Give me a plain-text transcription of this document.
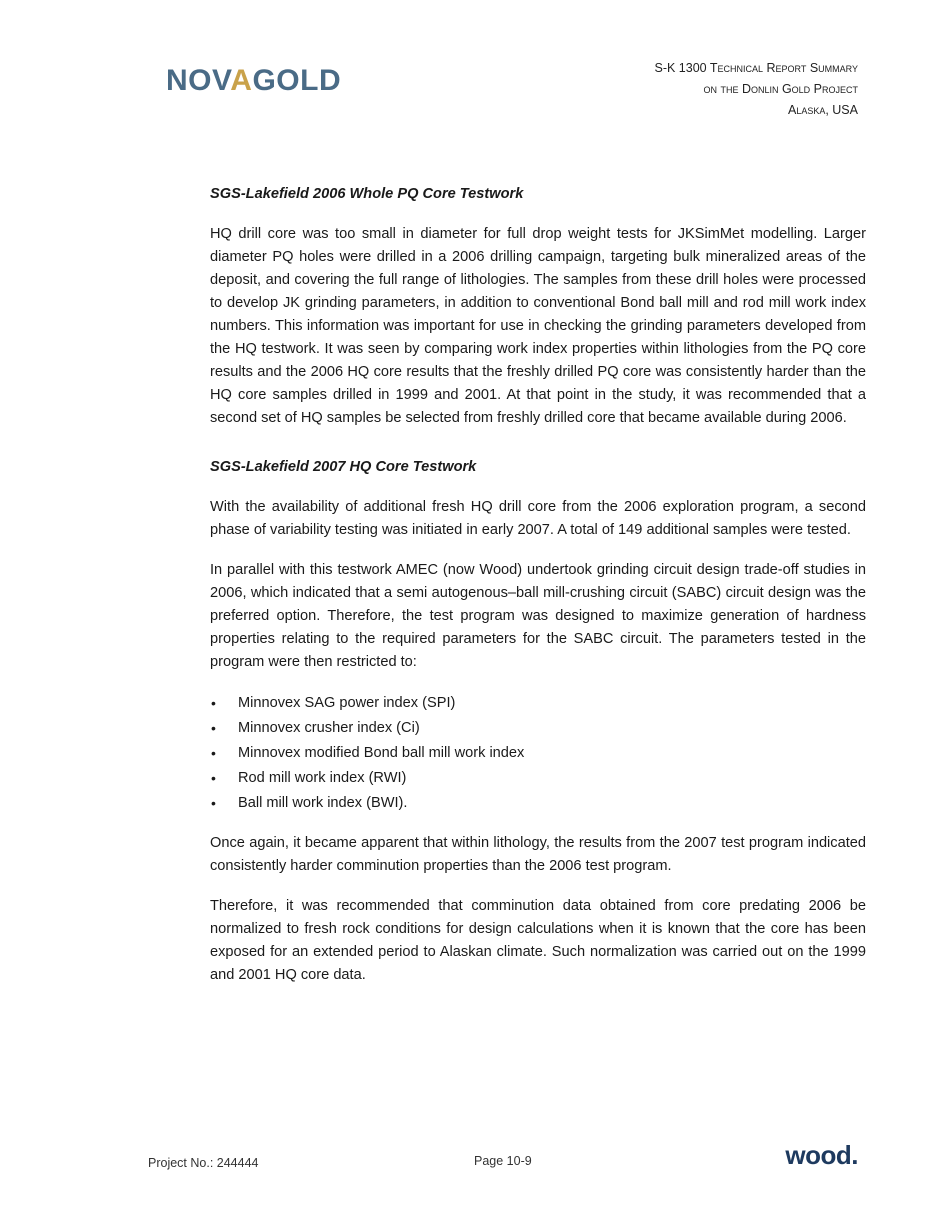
NOVAGOLD	S-K 1300 Technical Report Summary
on the Donlin Gold Project
Alaska, USA
SGS-Lakefield 2006 Whole PQ Core Testwork
HQ drill core was too small in diameter for full drop weight tests for JKSimMet modelling. Larger diameter PQ holes were drilled in a 2006 drilling campaign, targeting bulk mineralized areas of the deposit, and covering the full range of lithologies. The samples from these drill holes were processed to develop JK grinding parameters, in addition to conventional Bond ball mill and rod mill work index numbers. This information was important for use in checking the grinding parameters developed from the HQ testwork. It was seen by comparing work index properties within lithologies from the PQ core results and the 2006 HQ core results that the freshly drilled PQ core was consistently harder than the HQ core samples drilled in 1999 and 2001. At that point in the study, it was recommended that a second set of HQ samples be selected from freshly drilled core that became available during 2006.
SGS-Lakefield 2007 HQ Core Testwork
With the availability of additional fresh HQ drill core from the 2006 exploration program, a second phase of variability testing was initiated in early 2007. A total of 149 additional samples were tested.
In parallel with this testwork AMEC (now Wood) undertook grinding circuit design trade-off studies in 2006, which indicated that a semi autogenous–ball mill-crushing circuit (SABC) circuit design was the preferred option. Therefore, the test program was designed to maximize generation of hardness properties relating to the required parameters for the SABC circuit. The parameters tested in the program were then restricted to:
• Minnovex SAG power index (SPI)
• Minnovex crusher index (Ci)
• Minnovex modified Bond ball mill work index
• Rod mill work index (RWI)
• Ball mill work index (BWI).
Once again, it became apparent that within lithology, the results from the 2007 test program indicated consistently harder comminution properties than the 2006 test program.
Therefore, it was recommended that comminution data obtained from core predating 2006 be normalized to fresh rock conditions for design calculations when it is known that the core has been exposed for an extended period to Alaskan climate. Such normalization was carried out on the 1999 and 2001 HQ core data.
Project No.: 244444	Page 10-9	wood.
